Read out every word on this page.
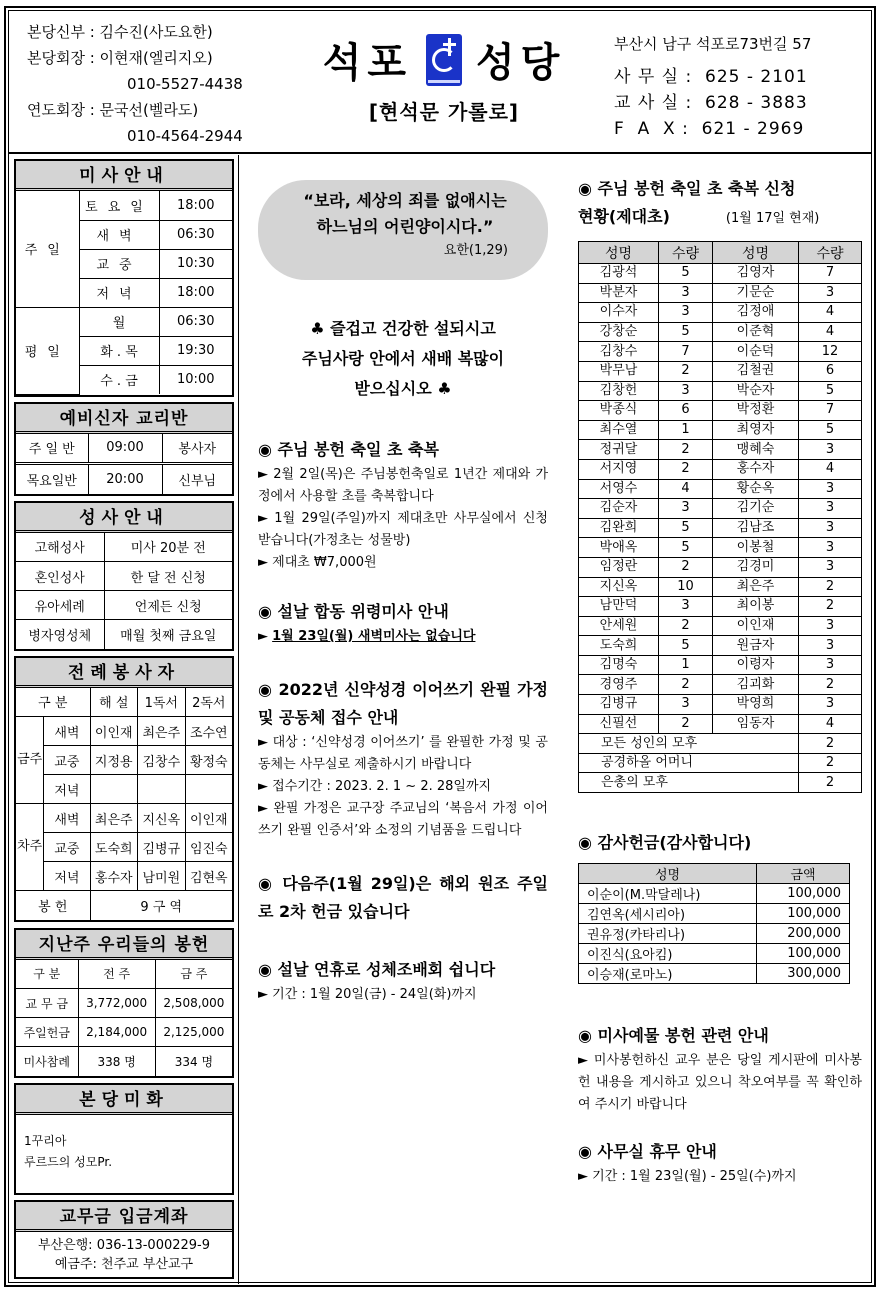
본당신부 : 김수진(사도요한)
본당회장 : 이현재(엘리지오)
010-5527-4438
연도회장 : 문국선(벨라도)
010-4564-2944
석포 성당
[현석문 가롤로]
부산시 남구 석포로73번길 57
사 무 실 : 625 - 2101
교 사 실 : 628 - 3883
F  A  X : 621 - 2969
미사안내
주일	토요일	18:00
	새벽	06:30
	교중	10:30
	저녁	18:00
평일	월	06:30
	화 . 목	19:30
	수 . 금	10:00
예비신자 교리반
주 일 반	09:00	봉사자
목요일반	20:00	신부님
성사안내
고해성사	미사 20분 전
혼인성사	한 달 전 신청
유아세례	언제든 신청
병자영성체	매월 첫째 금요일
전례봉사자
구 분		해 설	1독서	2독서
금주	새벽	이인재	최은주	조수연
	교중	지정용	김창수	황정숙
	저녁			
차주	새벽	최은주	지신옥	이인재
	교중	도숙희	김병규	임진숙
	저녁	홍수자	남미원	김현옥
봉 헌		9 구 역		
지난주 우리들의 봉헌
구 분	전 주	금 주
교 무 금	3,772,000	2,508,000
주일헌금	2,184,000	2,125,000
미사참례	338 명	334 명
본당미화
1꾸리아
루르드의 성모Pr.
교무금 입금계좌
부산은행: 036-13-000229-9
예금주: 천주교 부산교구
“보라, 세상의 죄를 없애시는
하느님의 어린양이시다.”
요한(1,29)
♣ 즐겁고 건강한 설되시고
주님사랑 안에서 새배 복많이
받으십시오 ♣
◉ 주님 봉헌 축일 초 축복
► 2월 2일(목)은 주님봉헌축일로 1년간 제대와 가정에서 사용할 초를 축복합니다
► 1월 29일(주일)까지 제대초만 사무실에서 신청 받습니다(가정초는 성물방)
► 제대초 ₩7,000원
◉ 설날 합동 위령미사 안내
► 1월 23일(월) 새벽미사는 없습니다
◉ 2022년 신약성경 이어쓰기 완필 가정 및 공동체 접수 안내
► 대상 : ‘신약성경 이어쓰기’ 를 완필한 가정 및 공동체는 사무실로 제출하시기 바랍니다
► 접수기간 : 2023. 2. 1 ~ 2. 28일까지
► 완필 가정은 교구장 주교님의 ‘복음서 가정 이어쓰기 완필 인증서’와 소정의 기념품을 드립니다
◉ 다음주(1월 29일)은 해외 원조 주일로 2차 헌금 있습니다
◉ 설날 연휴로 성체조배회 쉽니다
► 기간 : 1월 20일(금) - 24일(화)까지
◉ 주님 봉헌 축일 초 축복 신청
현황(제대초)	(1월 17일 현재)
성명	수량	성명	수량
김광석	5	김영자	7
박분자	3	기문순	3
이수자	3	김정애	4
강창순	5	이준혁	4
김창수	7	이순덕	12
박무남	2	김철권	6
김창헌	3	박순자	5
박종식	6	박정환	7
최수열	1	최영자	5
정귀달	2	맹혜숙	3
서지영	2	홍수자	4
서영수	4	황순옥	3
김순자	3	김기순	3
김완희	5	김남조	3
박애옥	5	이봉철	3
임정란	2	김경미	3
지신옥	10	최은주	2
남만덕	3	최이봉	2
안세원	2	이인재	3
도숙희	5	원금자	3
김명숙	1	이령자	3
경영주	2	김괴화	2
김병규	3	박영희	3
신필선	2	임동자	4
모든 성인의 모후			2
공경하올 어머니			2
은총의 모후			2
◉ 감사헌금(감사합니다)
성명	금액
이순이(M.막달레나)	100,000
김연옥(세시리아)	100,000
권유정(카타리나)	200,000
이진식(요아킴)	100,000
이승재(로마노)	300,000
◉ 미사예물 봉헌 관련 안내
► 미사봉헌하신 교우 분은 당일 게시판에 미사봉헌 내용을 게시하고 있으니 착오여부를 꼭 확인하여 주시기 바랍니다
◉ 사무실 휴무 안내
► 기간 : 1월 23일(월) - 25일(수)까지
